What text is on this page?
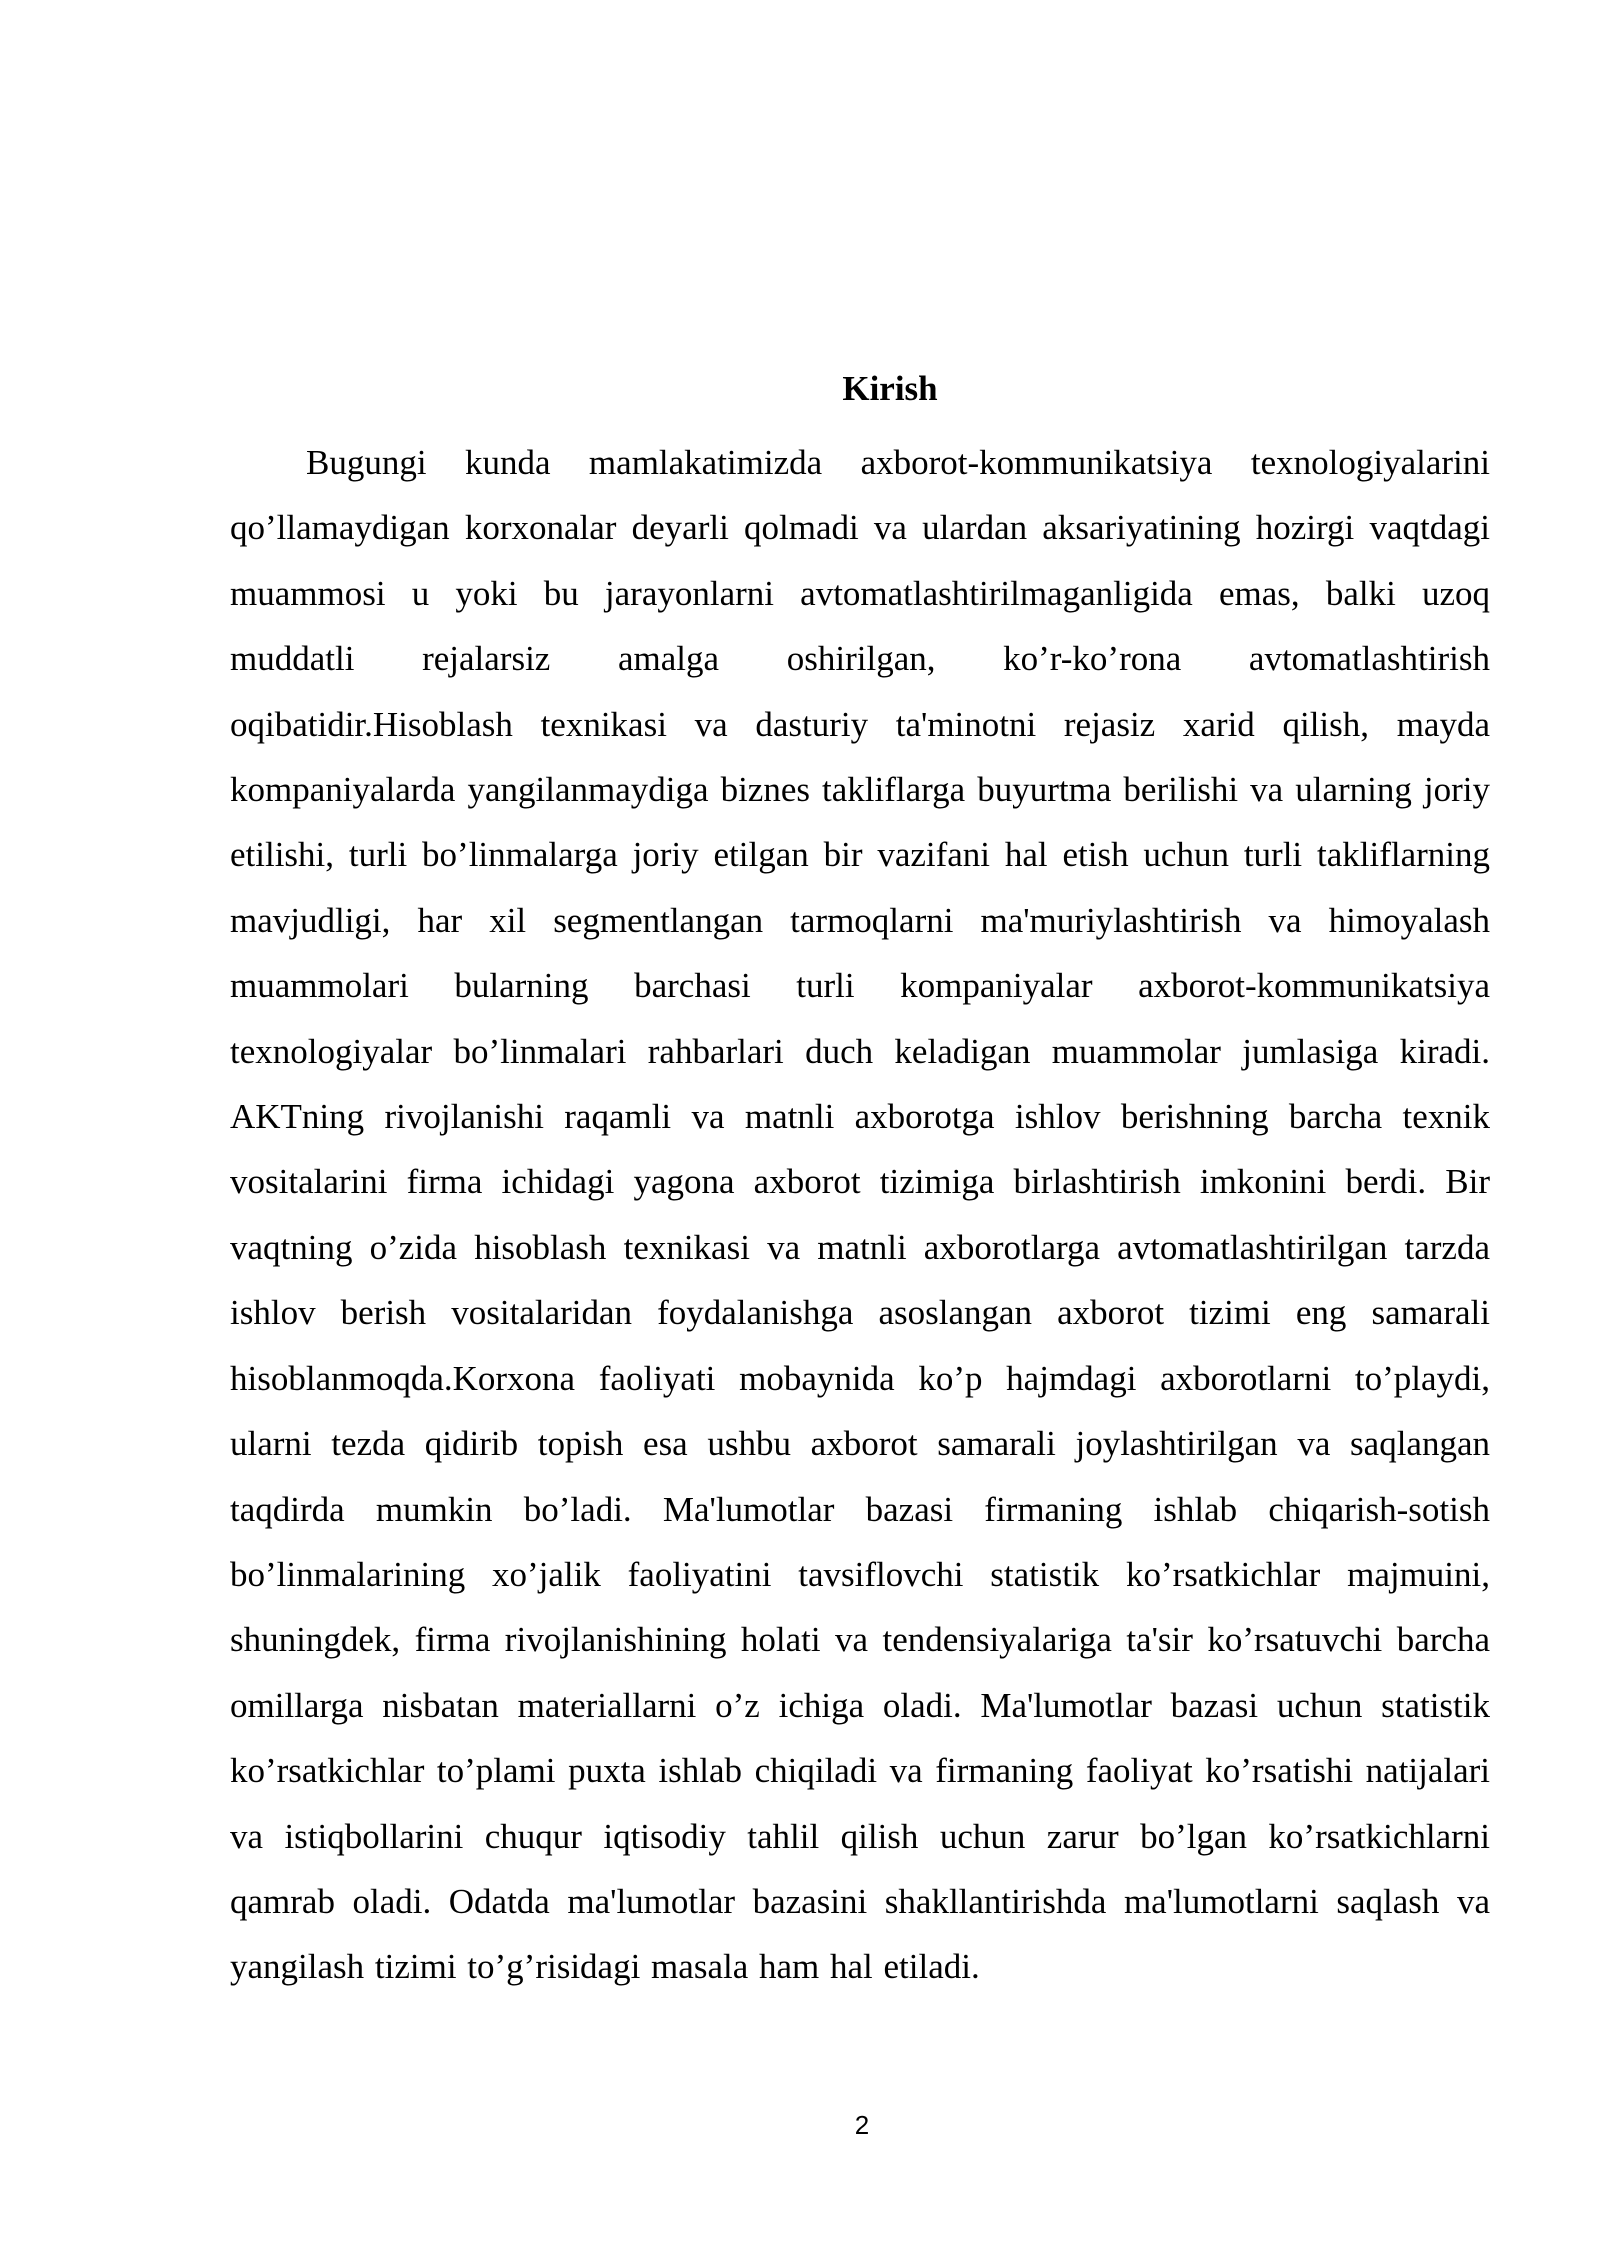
Kirish

Bugungi kunda mamlakatimizda axborot-kommunikatsiya texnologiyalarini qo’llamaydigan korxonalar deyarli qolmadi va ulardan aksariyatining hozirgi vaqtdagi muammosi u yoki bu jarayonlarni avtomatlashtirilmaganligida emas, balki uzoq muddatli rejalarsiz amalga oshirilgan, ko’r-ko’rona avtomatlashtirish oqibatidir.Hisoblash texnikasi va dasturiy ta'minotni rejasiz xarid qilish, mayda kompaniyalarda yangilanmaydiga biznes takliflarga buyurtma berilishi va ularning joriy etilishi, turli bo’linmalarga joriy etilgan bir vazifani hal etish uchun turli takliflarning mavjudligi, har xil segmentlangan tarmoqlarni ma'muriylashtirish va himoyalash muammolari bularning barchasi turli kompaniyalar axborot-kommunikatsiya texnologiyalar bo’linmalari rahbarlari duch keladigan muammolar jumlasiga kiradi. AKTning rivojlanishi raqamli va matnli axborotga ishlov berishning barcha texnik vositalarini firma ichidagi yagona axborot tizimiga birlashtirish imkonini berdi. Bir vaqtning o’zida hisoblash texnikasi va matnli axborotlarga avtomatlashtirilgan tarzda ishlov berish vositalaridan foydalanishga asoslangan axborot tizimi eng samarali hisoblanmoqda.Korxona faoliyati mobaynida ko’p hajmdagi axborotlarni to’playdi, ularni tezda qidirib topish esa ushbu axborot samarali joylashtirilgan va saqlangan taqdirda mumkin bo’ladi. Ma'lumotlar bazasi firmaning ishlab chiqarish-sotish bo’linmalarining xo’jalik faoliyatini tavsiflovchi statistik ko’rsatkichlar majmuini, shuningdek, firma rivojlanishining holati va tendensiyalariga ta'sir ko’rsatuvchi barcha omillarga nisbatan materiallarni o’z ichiga oladi. Ma'lumotlar bazasi uchun statistik ko’rsatkichlar to’plami puxta ishlab chiqiladi va firmaning faoliyat ko’rsatishi natijalari va istiqbollarini chuqur iqtisodiy tahlil qilish uchun zarur bo’lgan ko’rsatkichlarni qamrab oladi. Odatda ma'lumotlar bazasini shakllantirishda ma'lumotlarni saqlash va yangilash tizimi to’g’risidagi masala ham hal etiladi.

2
